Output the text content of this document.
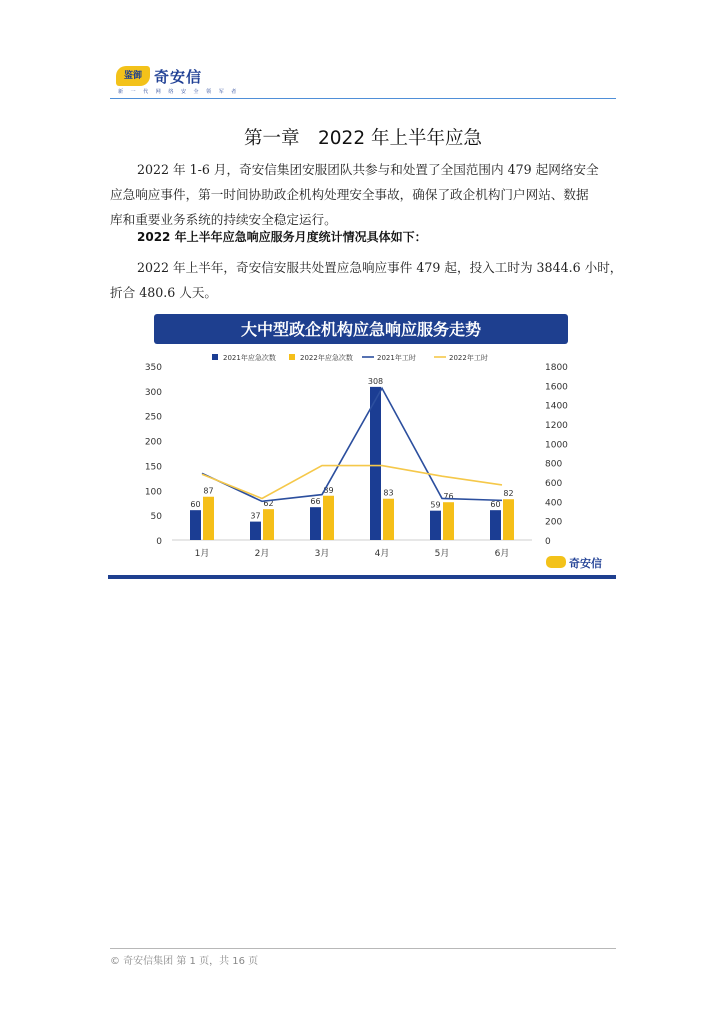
鉴御 奇安信
新 一 代 网 络 安 全 领 军 者
第一章　2022 年上半年应急
2022 年 1-6 月，奇安信集团安服团队共参与和处置了全国范围内 479 起网络安全
应急响应事件，第一时间协助政企机构处理安全事故，确保了政企机构门户网站、数据
库和重要业务系统的持续安全稳定运行。
2022 年上半年应急响应服务月度统计情况具体如下：
2022 年上半年，奇安信安服共处置应急响应事件 479 起，投入工时为 3844.6 小时，
折合 480.6 人天。
大中型政企机构应急响应服务走势
2021年应急次数	2022年应急次数	2021年工时	2022年工时
0
50
100
150
200
250
300
350
0
200
400
600
800
1000
1200
1400
1600
1800
60
87
37
62	66
89
308
83
59
76
60
82
1月	2月	3月	4月	5月	6月
奇安信
© 奇安信集团 第 1 页，共 16 页
